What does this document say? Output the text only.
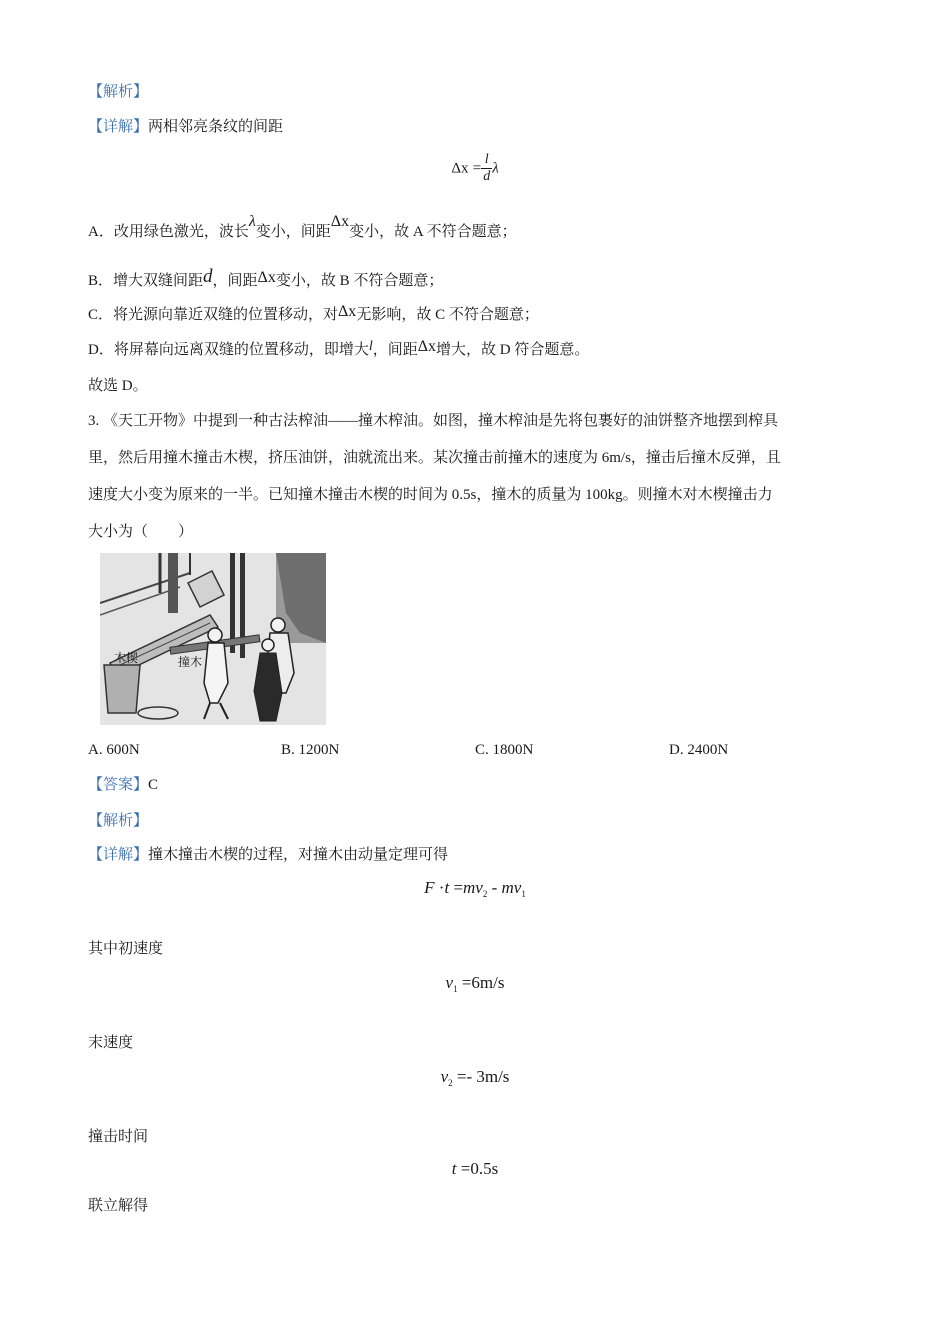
【解析】
【详解】两相邻亮条纹的间距
$\Delta x = \frac{l}{d}$ λ
A．改用绿色激光，波长λ变小，间距Δx变小，故 A 不符合题意；
B．增大双缝间距d，间距Δx变小，故 B 不符合题意；
C．将光源向靠近双缝的位置移动，对Δx无影响，故 C 不符合题意；
D．将屏幕向远离双缝的位置移动，即增大l，间距Δx增大，故 D 符合题意。
故选 D。
3. 《天工开物》中提到一种古法榨油——撞木榨油。如图，撞木榨油是先将包裹好的油饼整齐地摆到榨具
里，然后用撞木撞击木楔，挤压油饼，油就流出来。某次撞击前撞木的速度为 6m/s，撞击后撞木反弹，且
速度大小变为原来的一半。已知撞木撞击木楔的时间为 0.5s，撞木的质量为 100kg。则撞木对木楔撞击力
大小为（　　）
木楔	撞木
A. 600N	B. 1200N	C. 1800N	D. 2400N
【答案】C
【解析】
【详解】撞木撞击木楔的过程，对撞木由动量定理可得
$F \cdot t =mv_2 - mv_1$
其中初速度
$v_1 =6m/s$
末速度
$v_2 =- 3m/s$
撞击时间
t =0.5s
联立解得
